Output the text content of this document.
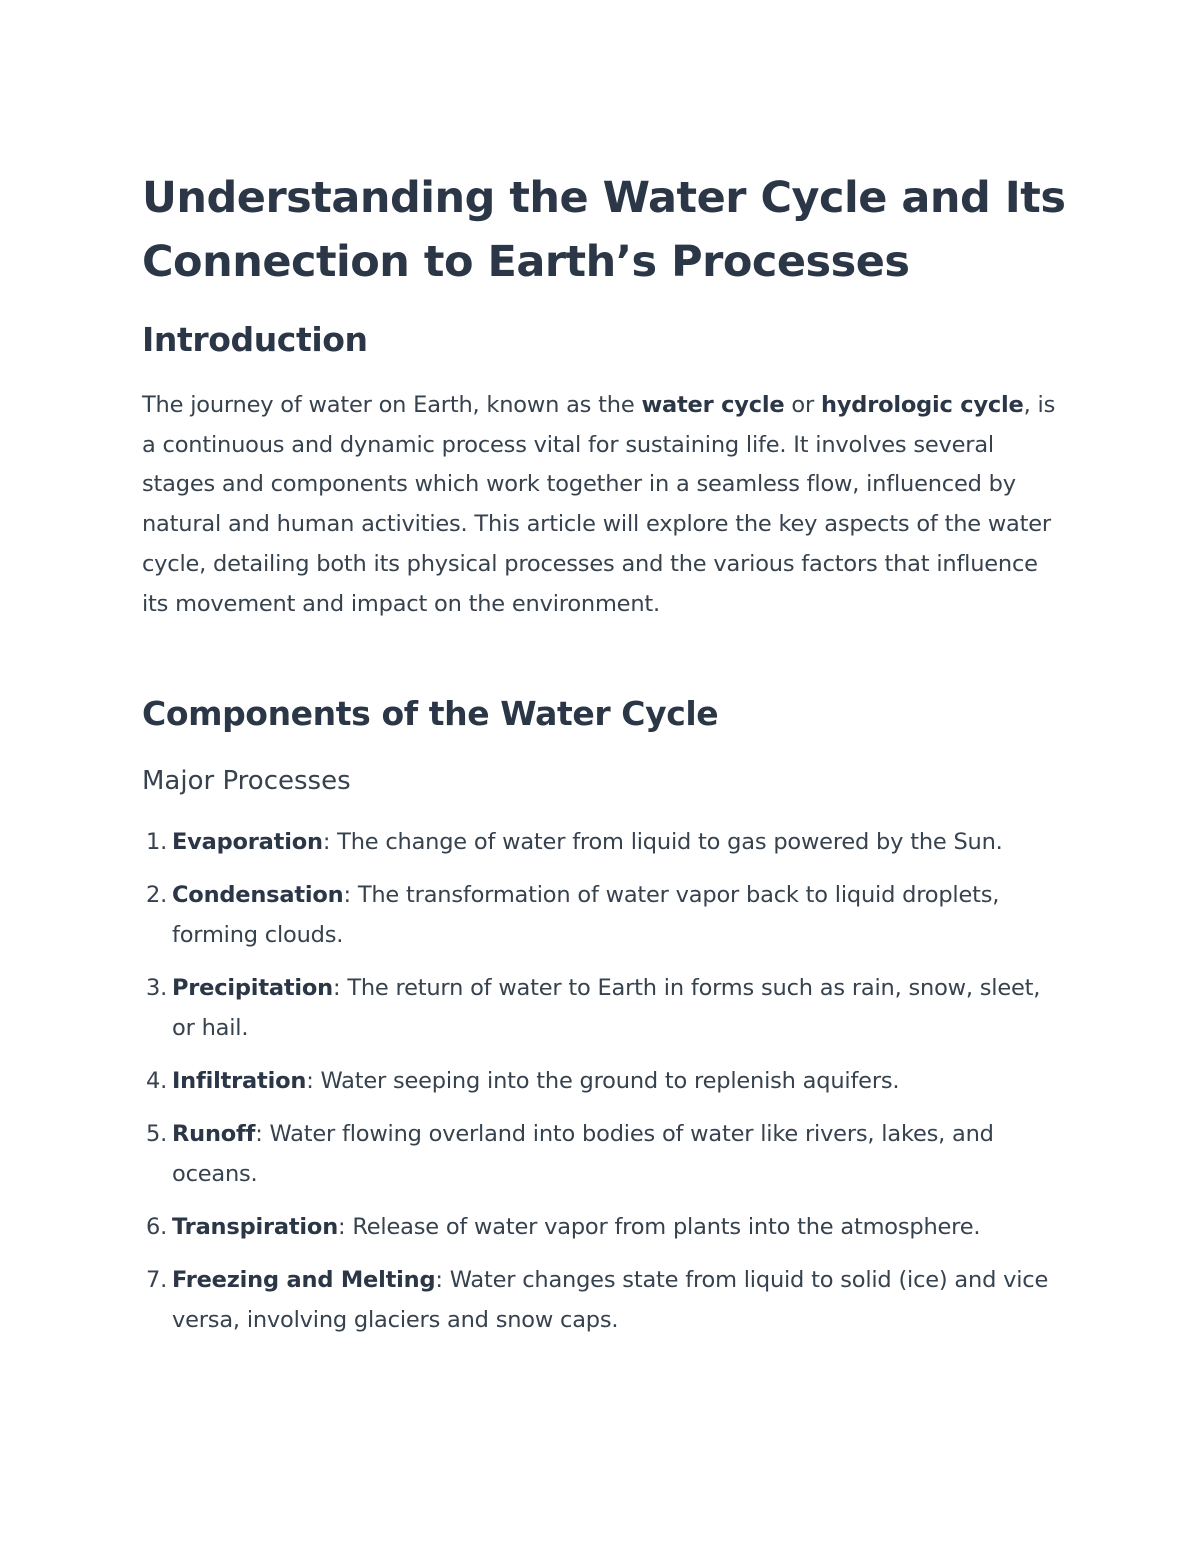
Understanding the Water Cycle and Its Connection to Earth’s Processes
Introduction

The journey of water on Earth, known as the water cycle or hydrologic cycle, is a continuous and dynamic process vital for sustaining life. It involves several stages and components which work together in a seamless flow, influenced by natural and human activities. This article will explore the key aspects of the water cycle, detailing both its physical processes and the various factors that influence its movement and impact on the environment.

Components of the Water Cycle
Major Processes
1. Evaporation: The change of water from liquid to gas powered by the Sun.
2. Condensation: The transformation of water vapor back to liquid droplets, forming clouds.
3. Precipitation: The return of water to Earth in forms such as rain, snow, sleet, or hail.
4. Infiltration: Water seeping into the ground to replenish aquifers.
5. Runoff: Water flowing overland into bodies of water like rivers, lakes, and oceans.
6. Transpiration: Release of water vapor from plants into the atmosphere.
7. Freezing and Melting: Water changes state from liquid to solid (ice) and vice versa, involving glaciers and snow caps.
